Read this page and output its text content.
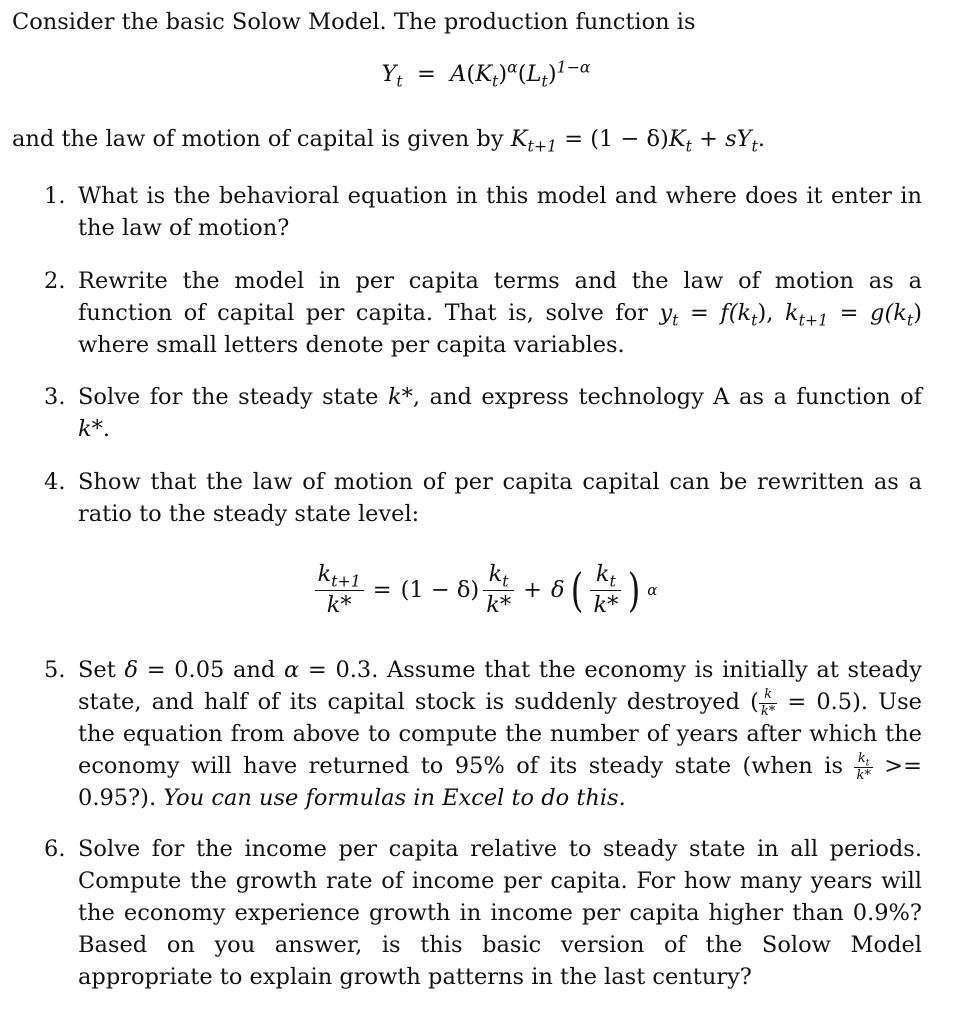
Consider the basic Solow Model. The production function is
$Y_t = A(K_t)^\alpha(L_t)^{1-\alpha}$
and the law of motion of capital is given by $K_{t+1} = (1 - \delta)K_t + sY_t$.
1. What is the behavioral equation in this model and where does it enter in the law of motion?
2. Rewrite the model in per capita terms and the law of motion as a function of capital per capita. That is, solve for $y_t = f(k_t)$, $k_{t+1} = g(k_t)$ where small letters denote per capita variables.
3. Solve for the steady state k*, and express technology A as a function of k*.
4. Show that the law of motion of per capita capital can be rewritten as a ratio to the steady state level:
$\frac{k_{t+1}}{k*} = (1 - \delta) \frac{k_t}{k*} + \delta$ ( $\frac{k_t}{k*}$ ) α
5. Set δ = 0.05 and α = 0.3. Assume that the economy is initially at steady state, and half of its capital stock is suddenly destroyed ( $\frac{k}{k*} = 0.5$). Use the equation from above to compute the number of years after which the economy will have returned to 95% of its steady state (when is $\frac{k_t}{k*}$ >= 0.95?). You can use formulas in Excel to do this.
6. Solve for the income per capita relative to steady state in all periods. Compute the growth rate of income per capita. For how many years will the economy experience growth in income per capita higher than 0.9%? Based on you answer, is this basic version of the Solow Model appropriate to explain growth patterns in the last century?
